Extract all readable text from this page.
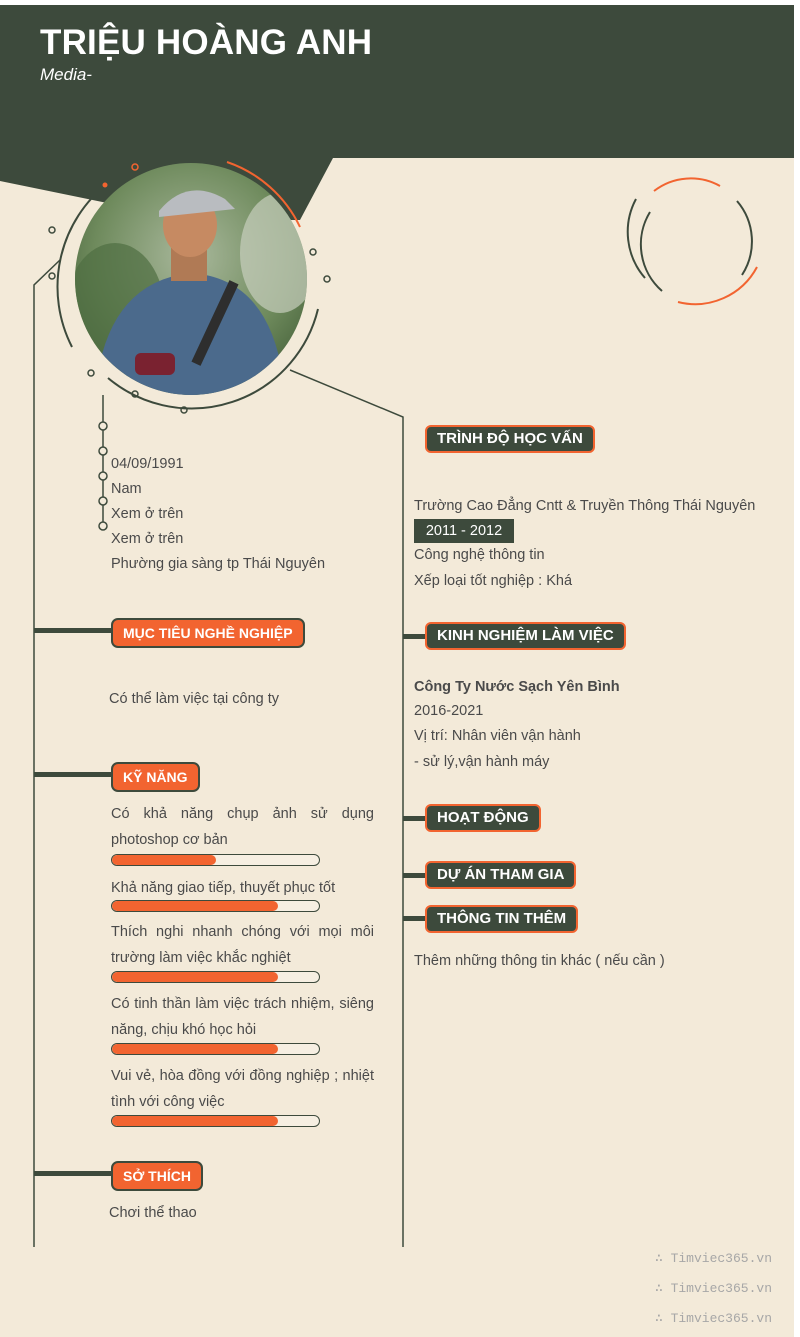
TRIỆU HOÀNG ANH
Media-
04/09/1991
Nam
Xem ở trên
Xem ở trên
Phường gia sàng tp Thái Nguyên
MỤC TIÊU NGHỀ NGHIỆP
Có thể làm việc tại công ty
KỸ NĂNG
Có khả năng chụp ảnh sử dụng photoshop cơ bản
Khả năng giao tiếp, thuyết phục tốt
Thích nghi nhanh chóng với mọi môi trường làm việc khắc nghiệt
Có tinh thần làm việc trách nhiệm, siêng năng, chịu khó học hỏi
Vui vẻ, hòa đồng với đồng nghiệp ; nhiệt tình với công việc
SỞ THÍCH
Chơi thể thao
TRÌNH ĐỘ HỌC VẤN
Trường Cao Đẳng Cntt & Truyền Thông Thái Nguyên
2011 - 2012
Công nghệ thông tin
Xếp loại tốt nghiệp : Khá
KINH NGHIỆM LÀM VIỆC
Công Ty Nước Sạch Yên Bình
2016-2021
Vị trí: Nhân viên vận hành
- sử lý,vận hành máy
HOẠT ĐỘNG
DỰ ÁN THAM GIA
THÔNG TIN THÊM
Thêm những thông tin khác ( nếu cần )
∴ Timviec365.vn
∴ Timviec365.vn
∴ Timviec365.vn
